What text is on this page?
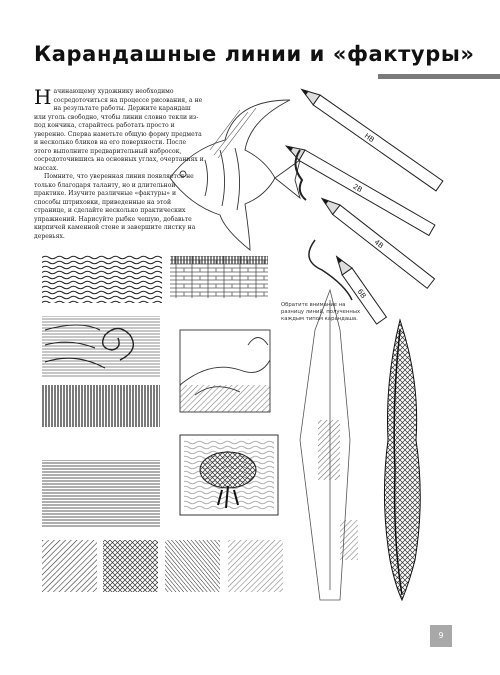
Карандашные линии и «фактуры»

Начинающему художнику необходимо сосредоточиться на процессе рисования, а не на результате работы. Держите карандаш или уголь свободно, чтобы линии словно текли из-под кончика, старайтесь работать просто и уверенно. Сперва наметьте общую форму предмета и несколько бликов на его поверхности. После этого выполните предварительный набросок, сосредоточившись на основных углах, очертаниях и массах.

Помните, что уверенная линия появляется не только благодаря таланту, но и длительной практике. Изучите различные «фактуры» и способы штриховки, приведенные на этой странице, и сделайте несколько практических упражнений. Нарисуйте рыбке чешую, добавьте кирпичей каменной стене и завершите листку на деревьях.

HB
2B
4B
6B
Обратите внимание на разницу линий, полученных каждым типом карандаша.
9
